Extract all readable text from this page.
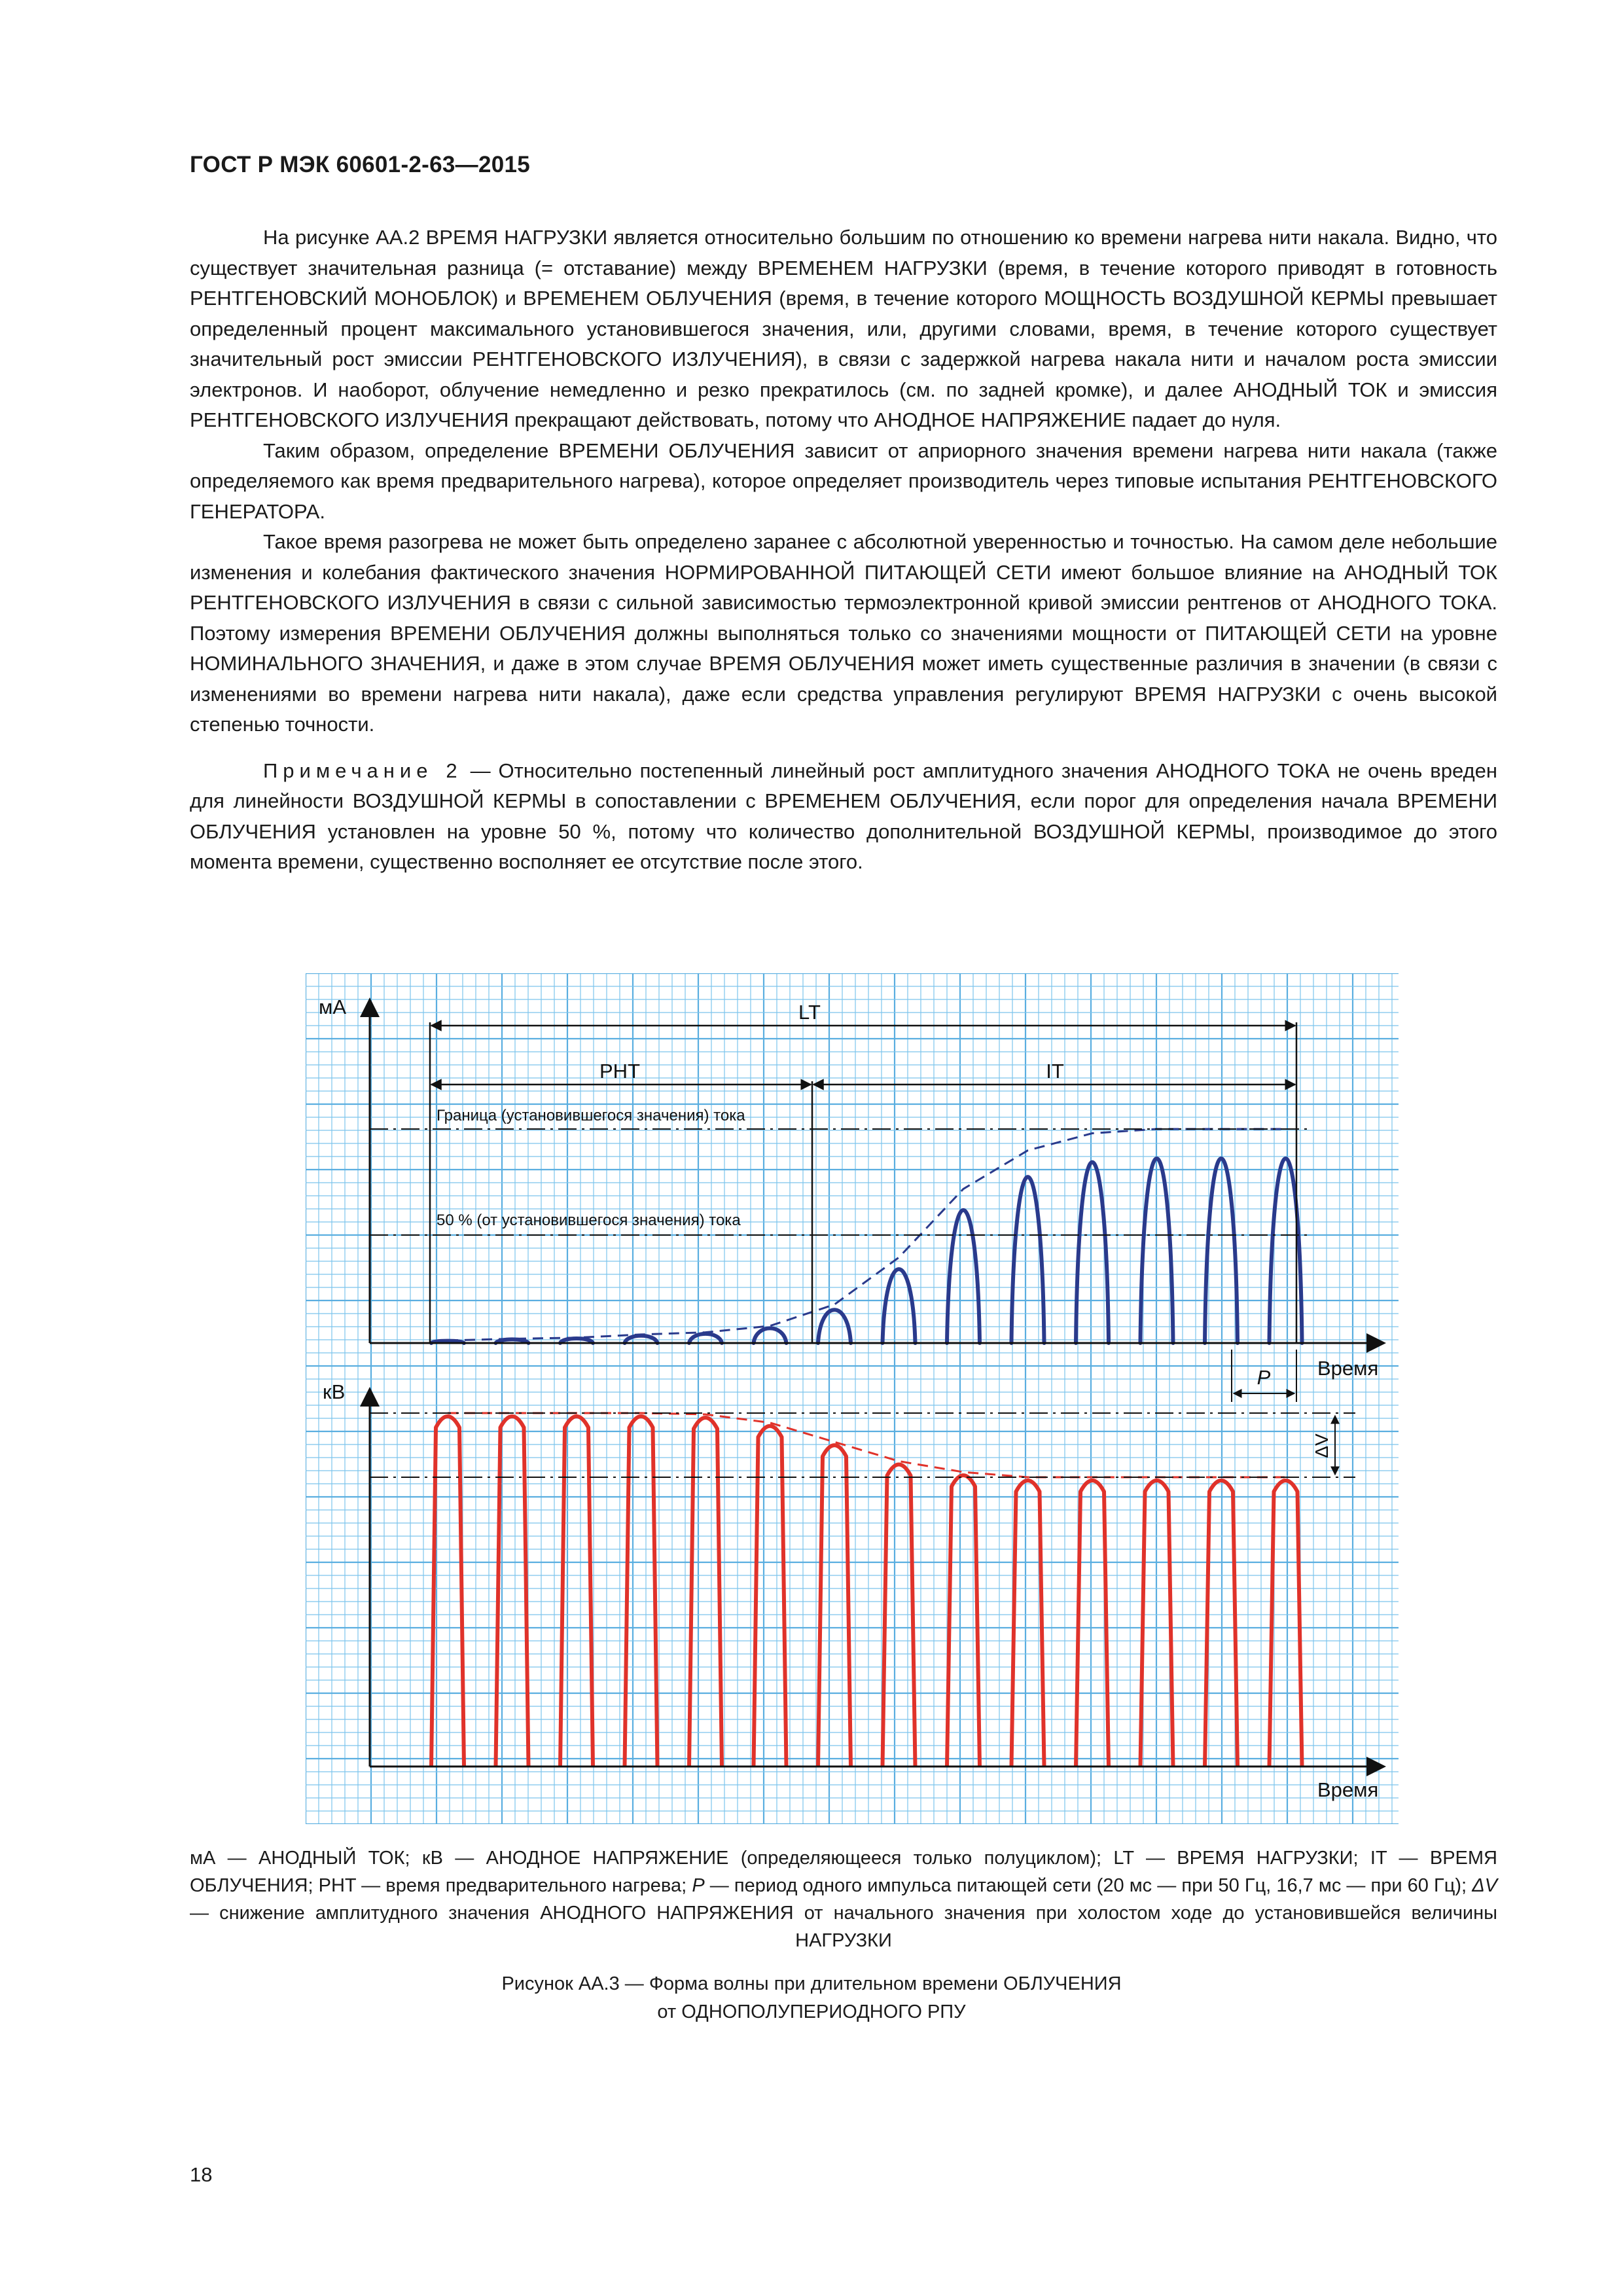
ГОСТ Р МЭК 60601-2-63—2015

На рисунке АА.2 ВРЕМЯ НАГРУЗКИ является относительно большим по отношению ко времени нагрева нити накала. Видно, что существует значительная разница (= отставание) между ВРЕМЕНЕМ НАГРУЗКИ (время, в течение которого приводят в готовность РЕНТГЕНОВСКИЙ МОНОБЛОК) и ВРЕМЕНЕМ ОБЛУЧЕНИЯ (время, в течение которого МОЩНОСТЬ ВОЗДУШНОЙ КЕРМЫ превышает определенный процент максимального установившегося значения, или, другими словами, время, в течение которого существует значительный рост эмиссии РЕНТГЕНОВСКОГО ИЗЛУЧЕНИЯ), в связи с задержкой нагрева накала нити и началом роста эмиссии электронов. И наоборот, облучение немедленно и резко прекратилось (см. по задней кромке), и далее АНОДНЫЙ ТОК и эмиссия РЕНТГЕНОВСКОГО ИЗЛУЧЕНИЯ прекращают действовать, потому что АНОДНОЕ НАПРЯЖЕНИЕ падает до нуля.

Таким образом, определение ВРЕМЕНИ ОБЛУЧЕНИЯ зависит от априорного значения времени нагрева нити накала (также определяемого как время предварительного нагрева), которое определяет производитель через типовые испытания РЕНТГЕНОВСКОГО ГЕНЕРАТОРА.

Такое время разогрева не может быть определено заранее с абсолютной уверенностью и точностью. На самом деле небольшие изменения и колебания фактического значения НОРМИРОВАННОЙ ПИТАЮЩЕЙ СЕТИ имеют большое влияние на АНОДНЫЙ ТОК РЕНТГЕНОВСКОГО ИЗЛУЧЕНИЯ в связи с сильной зависимостью термоэлектронной кривой эмиссии рентгенов от АНОДНОГО ТОКА. Поэтому измерения ВРЕМЕНИ ОБЛУЧЕНИЯ должны выполняться только со значениями мощности от ПИТАЮЩЕЙ СЕТИ на уровне НОМИНАЛЬНОГО ЗНАЧЕНИЯ, и даже в этом случае ВРЕМЯ ОБЛУЧЕНИЯ может иметь существенные различия в значении (в связи с изменениями во времени нагрева нити накала), даже если средства управления регулируют ВРЕМЯ НАГРУЗКИ с очень высокой степенью точности.

Примечание 2 — Относительно постепенный линейный рост амплитудного значения АНОДНОГО ТОКА не очень вреден для линейности ВОЗДУШНОЙ КЕРМЫ в сопоставлении с ВРЕМЕНЕМ ОБЛУЧЕНИЯ, если порог для определения начала ВРЕМЕНИ ОБЛУЧЕНИЯ установлен на уровне 50 %, потому что количество дополнительной ВОЗДУШНОЙ КЕРМЫ, производимое до этого момента времени, существенно восполняет ее отсутствие после этого.

мА
кВ
Время
Время
LT
PHT	IT
P
ΔV
Граница (установившегося значения) тока
50 % (от установившегося значения) тока
мА — АНОДНЫЙ ТОК; кВ — АНОДНОЕ НАПРЯЖЕНИЕ (определяющееся только полуциклом); LT — ВРЕМЯ НАГРУЗКИ; IT — ВРЕМЯ ОБЛУЧЕНИЯ; PHT — время предварительного нагрева; P — период одного импульса питающей сети (20 мс — при 50 Гц, 16,7 мс — при 60 Гц); ΔV — снижение амплитудного значения АНОДНОГО НАПРЯЖЕНИЯ от начального значения при холостом ходе до установившейся величины НАГРУЗКИ
Рисунок АА.3 — Форма волны при длительном времени ОБЛУЧЕНИЯ
от ОДНОПОЛУПЕРИОДНОГО РПУ
18
